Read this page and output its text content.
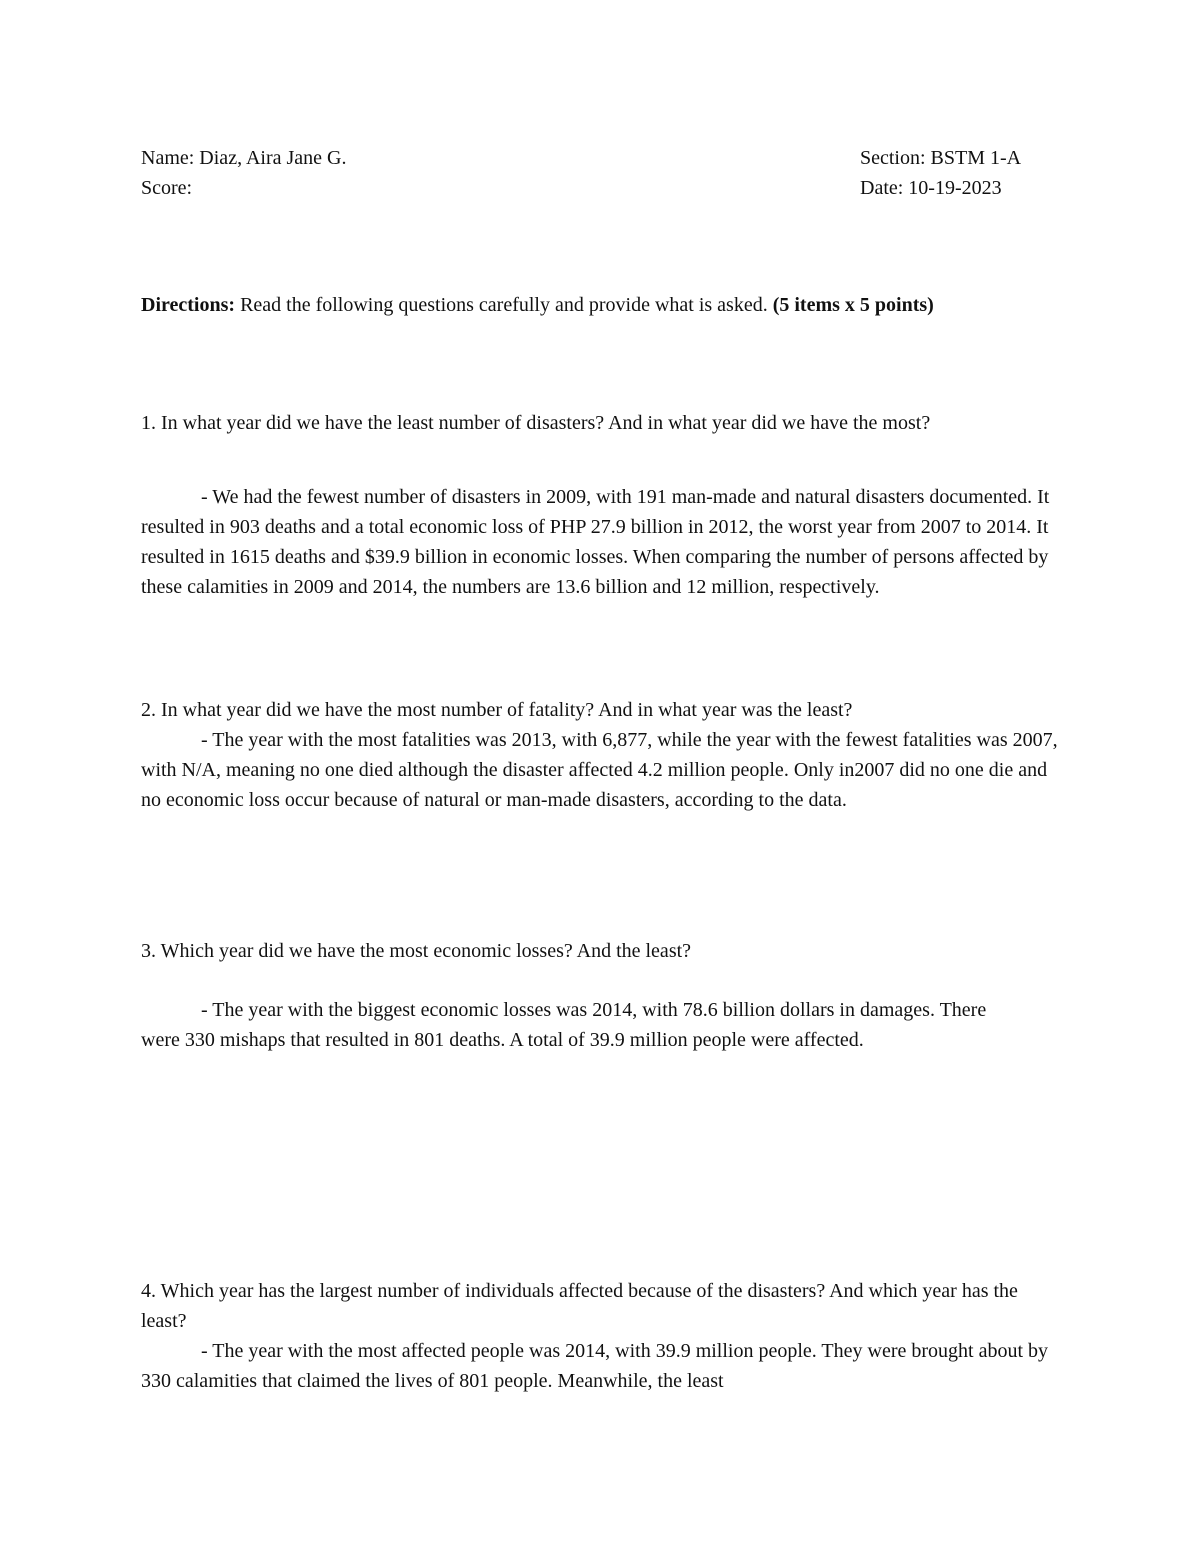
Name: Diaz, Aira Jane G.	Section: BSTM 1-A
Score:	Date: 10-19-2023

Directions: Read the following questions carefully and provide what is asked. (5 items x 5 points)

1. In what year did we have the least number of disasters? And in what year did we have the most?

- We had the fewest number of disasters in 2009, with 191 man-made and natural disasters documented. It resulted in 903 deaths and a total economic loss of PHP 27.9 billion in 2012, the worst year from 2007 to 2014. It resulted in 1615 deaths and $39.9 billion in economic losses. When comparing the number of persons affected by these calamities in 2009 and 2014, the numbers are 13.6 billion and 12 million, respectively.

2. In what year did we have the most number of fatality? And in what year was the least?

- The year with the most fatalities was 2013, with 6,877, while the year with the fewest fatalities was 2007, with N/A, meaning no one died although the disaster affected 4.2 million people. Only in2007 did no one die and no economic loss occur because of natural or man-made disasters, according to the data.

3. Which year did we have the most economic losses? And the least?

- The year with the biggest economic losses was 2014, with 78.6 billion dollars in damages. There were 330 mishaps that resulted in 801 deaths. A total of 39.9 million people were affected.

4. Which year has the largest number of individuals affected because of the disasters? And which year has the least?

- The year with the most affected people was 2014, with 39.9 million people. They were brought about by 330 calamities that claimed the lives of 801 people. Meanwhile, the least
